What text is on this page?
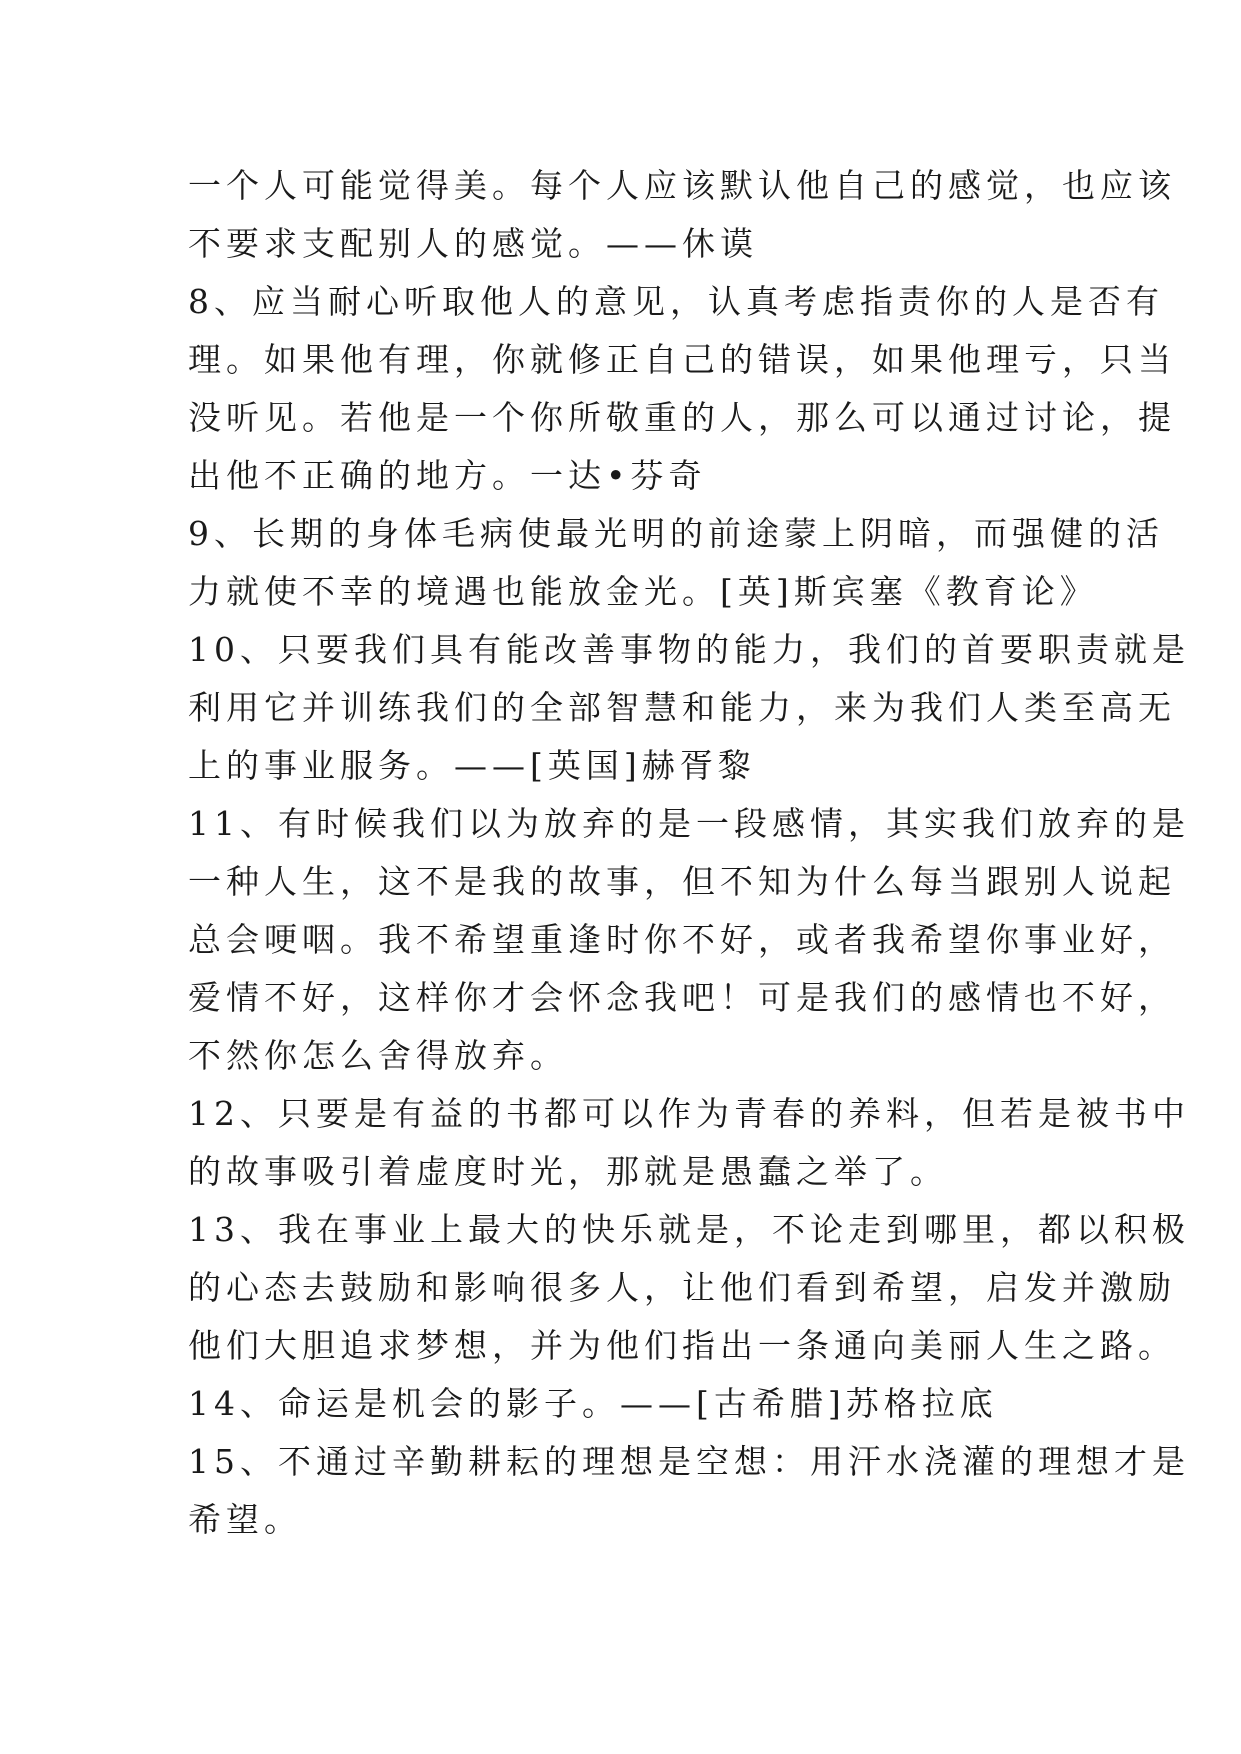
一个人可能觉得美。每个人应该默认他自己的感觉，也应该
不要求支配别人的感觉。——休谟
8、应当耐心听取他人的意见，认真考虑指责你的人是否有
理。如果他有理，你就修正自己的错误，如果他理亏，只当
没听见。若他是一个你所敬重的人，那么可以通过讨论，提
出他不正确的地方。一达•芬奇
9、长期的身体毛病使最光明的前途蒙上阴暗，而强健的活
力就使不幸的境遇也能放金光。[英]斯宾塞《教育论》
10、只要我们具有能改善事物的能力，我们的首要职责就是
利用它并训练我们的全部智慧和能力，来为我们人类至高无
上的事业服务。——[英国]赫胥黎
11、有时候我们以为放弃的是一段感情，其实我们放弃的是
一种人生，这不是我的故事，但不知为什么每当跟别人说起
总会哽咽。我不希望重逢时你不好，或者我希望你事业好，
爱情不好，这样你才会怀念我吧！可是我们的感情也不好，
不然你怎么舍得放弃。
12、只要是有益的书都可以作为青春的养料，但若是被书中
的故事吸引着虚度时光，那就是愚蠢之举了。
13、我在事业上最大的快乐就是，不论走到哪里，都以积极
的心态去鼓励和影响很多人，让他们看到希望，启发并激励
他们大胆追求梦想，并为他们指出一条通向美丽人生之路。
14、命运是机会的影子。——[古希腊]苏格拉底
15、不通过辛勤耕耘的理想是空想：用汗水浇灌的理想才是
希望。
